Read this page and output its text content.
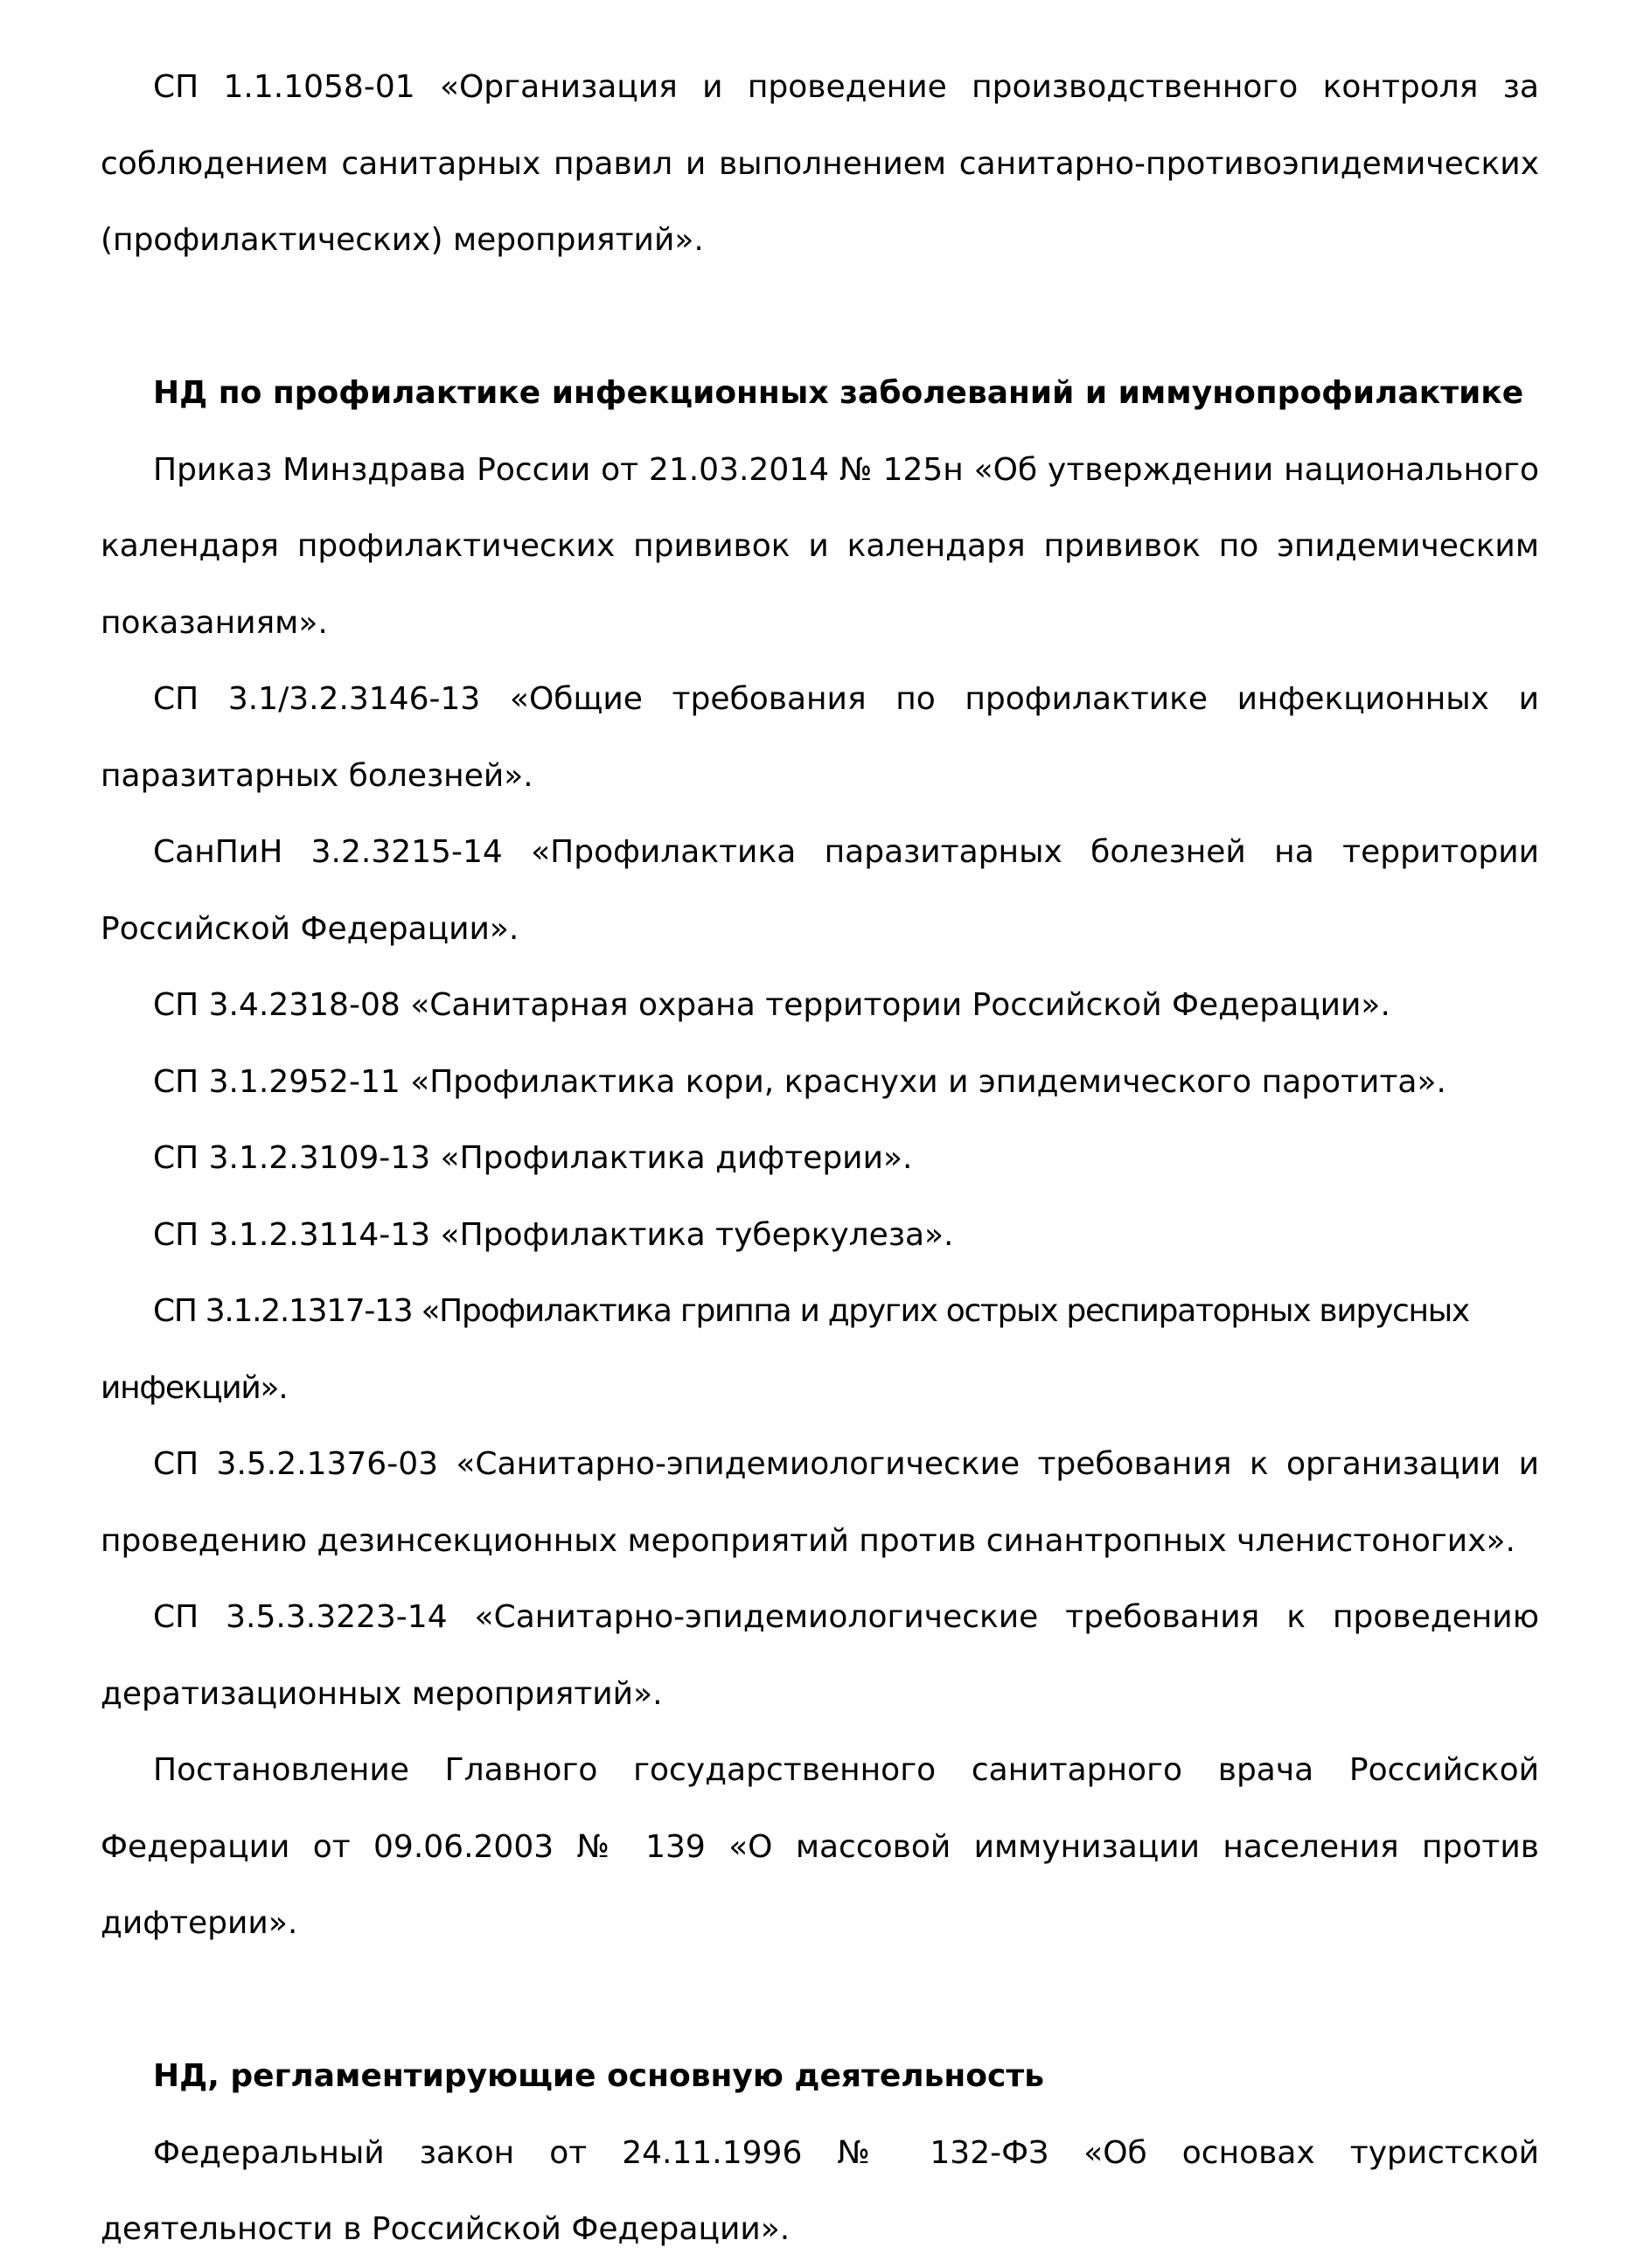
СП 1.1.1058-01 «Организация и проведение производственного контроля за соблюдением санитарных правил и выполнением санитарно-противоэпидемических (профилактических) мероприятий».

НД по профилактике инфекционных заболеваний и иммунопрофилактике

Приказ Минздрава России от 21.03.2014 № 125н «Об утверждении национального календаря профилактических прививок и календаря прививок по эпидемическим показаниям».

СП 3.1/3.2.3146-13 «Общие требования по профилактике инфекционных и паразитарных болезней».

СанПиН 3.2.3215-14 «Профилактика паразитарных болезней на территории Российской Федерации».

СП 3.4.2318-08 «Санитарная охрана территории Российской Федерации».

СП 3.1.2952-11 «Профилактика кори, краснухи и эпидемического паротита».

СП 3.1.2.3109-13 «Профилактика дифтерии».

СП 3.1.2.3114-13 «Профилактика туберкулеза».

СП 3.1.2.1317-13 «Профилактика гриппа и других острых респираторных вирусных инфекций».

СП 3.5.2.1376-03 «Санитарно-эпидемиологические требования к организации и проведению дезинсекционных мероприятий против синантропных членистоногих».

СП 3.5.3.3223-14 «Санитарно-эпидемиологические требования к проведению дератизационных мероприятий».

Постановление Главного государственного санитарного врача Российской Федерации от 09.06.2003 № 139 «О массовой иммунизации населения против дифтерии».

НД, регламентирующие основную деятельность

Федеральный закон от 24.11.1996 № 132-ФЗ «Об основах туристской деятельности в Российской Федерации».
